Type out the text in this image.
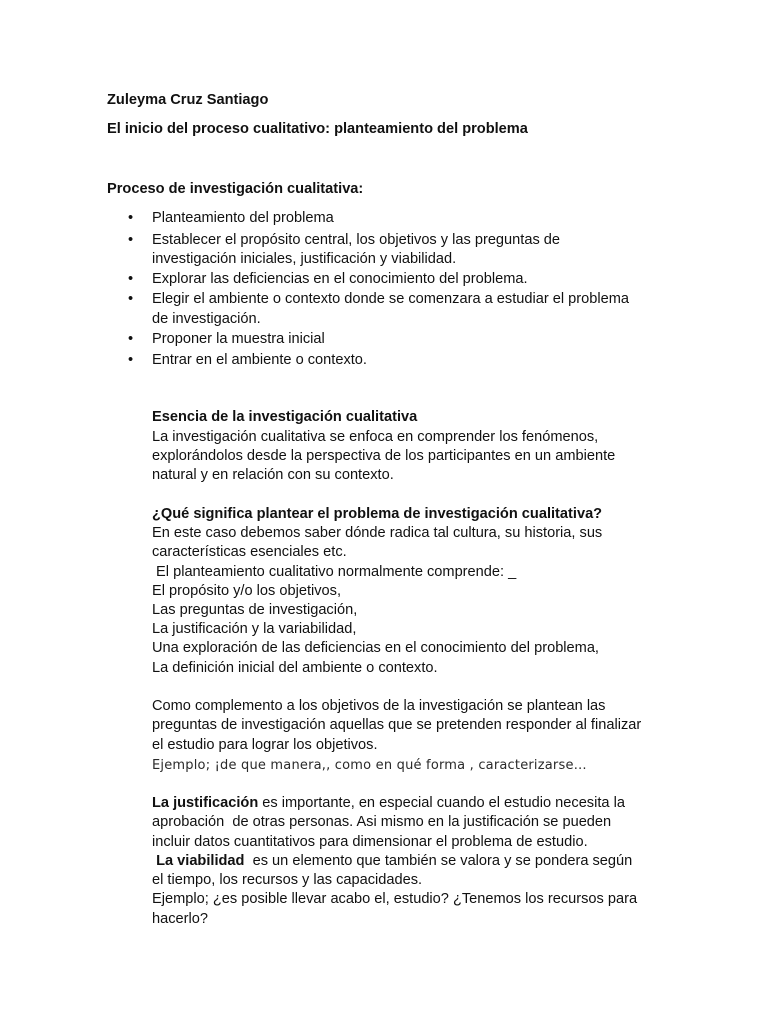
Zuleyma Cruz Santiago
El inicio del proceso cualitativo: planteamiento del problema
Proceso de investigación cualitativa:
• Planteamiento del problema
• Establecer el propósito central, los objetivos y las preguntas de
investigación iniciales, justificación y viabilidad.
• Explorar las deficiencias en el conocimiento del problema.
• Elegir el ambiente o contexto donde se comenzara a estudiar el problema
de investigación.
• Proponer la muestra inicial
• Entrar en el ambiente o contexto.
Esencia de la investigación cualitativa
La investigación cualitativa se enfoca en comprender los fenómenos,
explorándolos desde la perspectiva de los participantes en un ambiente
natural y en relación con su contexto.
¿Qué significa plantear el problema de investigación cualitativa?
En este caso debemos saber dónde radica tal cultura, su historia, sus
características esenciales etc.
El planteamiento cualitativo normalmente comprende: _
El propósito y/o los objetivos,
Las preguntas de investigación,
La justificación y la variabilidad,
Una exploración de las deficiencias en el conocimiento del problema,
La definición inicial del ambiente o contexto.
Como complemento a los objetivos de la investigación se plantean las
preguntas de investigación aquellas que se pretenden responder al finalizar
el estudio para lograr los objetivos.
Ejemplo; ¡de que manera,, como en qué forma , caracterizarse…
La justificación es importante, en especial cuando el estudio necesita la
aprobación  de otras personas. Asi mismo en la justificación se pueden
incluir datos cuantitativos para dimensionar el problema de estudio.
La viabilidad  es un elemento que también se valora y se pondera según
el tiempo, los recursos y las capacidades.
Ejemplo; ¿es posible llevar acabo el, estudio? ¿Tenemos los recursos para
hacerlo?
